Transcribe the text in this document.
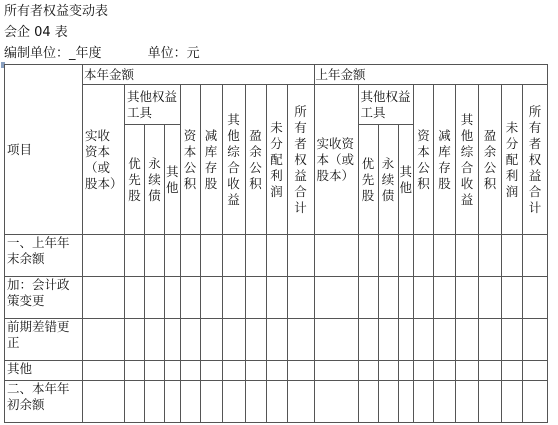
所有者权益变动表
会企 04 表
编制单位：_年度	单位：元
项目	本年金额										上年金额									
	实收资本（或股本）	其他权益工具			资本公积	减库存股	其他综合收益	盈余公积	未分配利润	所有者权益合计	实收资本（或股本）	其他权益工具			资本公积	减库存股	其他综合收益	盈余公积	未分配利润	所有者权益合计

		优先股	永续债	其他								优先股	永续债	其他						
一、上年年末余额																				
加：会计政策变更																				
前期差错更正																				
其他																				
二、本年年初余额																				
